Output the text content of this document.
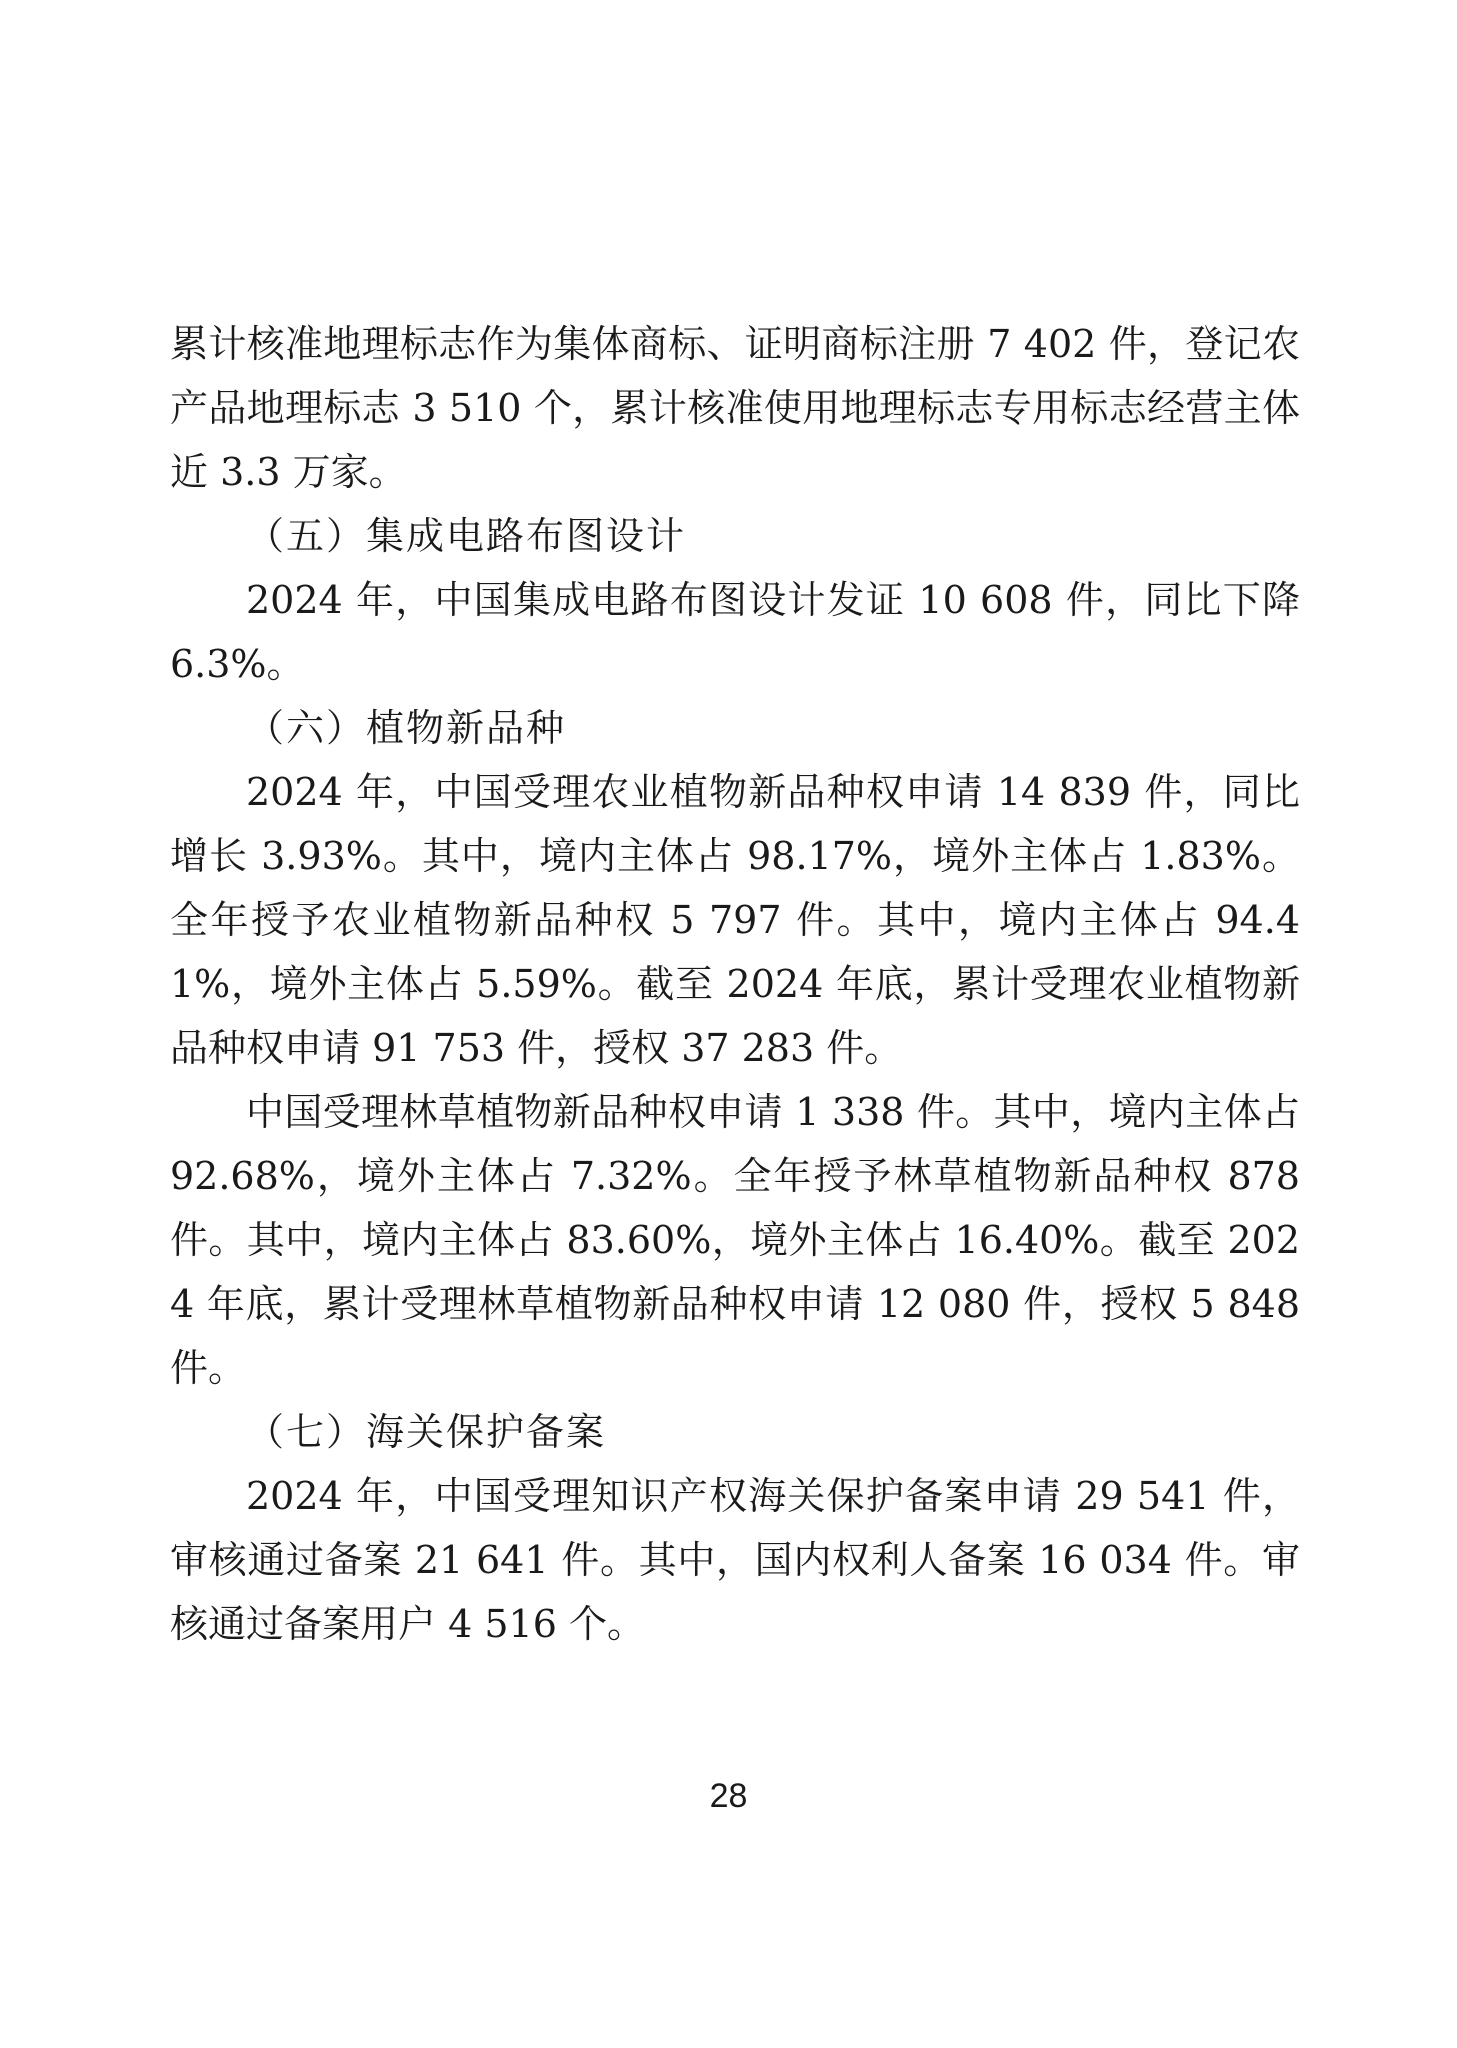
累计核准地理标志作为集体商标、证明商标注册 7 402 件，登记农产品地理标志 3 510 个，累计核准使用地理标志专用标志经营主体近 3.3 万家。

（五）集成电路布图设计

2024 年，中国集成电路布图设计发证 10 608 件，同比下降 6.3%。

（六）植物新品种

2024 年，中国受理农业植物新品种权申请 14 839 件，同比增长 3.93%。其中，境内主体占 98.17%，境外主体占 1.83%。全年授予农业植物新品种权 5 797 件。其中，境内主体占 94.41%，境外主体占 5.59%。截至 2024 年底，累计受理农业植物新品种权申请 91 753 件，授权 37 283 件。

中国受理林草植物新品种权申请 1 338 件。其中，境内主体占 92.68%，境外主体占 7.32%。全年授予林草植物新品种权 878 件。其中，境内主体占 83.60%，境外主体占 16.40%。截至 2024 年底，累计受理林草植物新品种权申请 12 080 件，授权 5 848 件。

（七）海关保护备案

2024 年，中国受理知识产权海关保护备案申请 29 541 件，审核通过备案 21 641 件。其中，国内权利人备案 16 034 件。审核通过备案用户 4 516 个。

28
